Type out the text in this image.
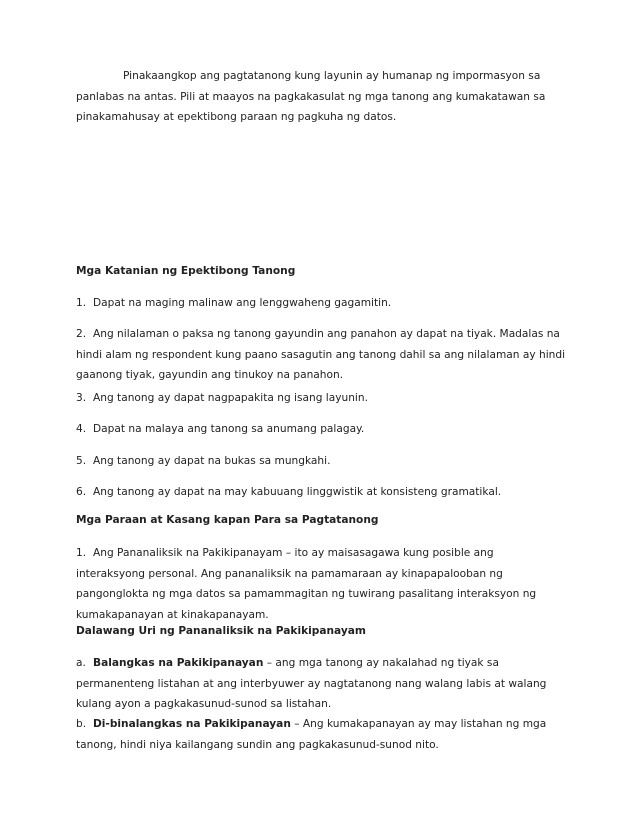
Pinakaangkop ang pagtatanong kung layunin ay humanap ng impormasyon sa
panlabas na antas. Pili at maayos na pagkakasulat ng mga tanong ang kumakatawan sa
pinakamahusay at epektibong paraan ng pagkuha ng datos.
Mga Katanian ng Epektibong Tanong
1. Dapat na maging malinaw ang lenggwaheng gagamitin.
2. Ang nilalaman o paksa ng tanong gayundin ang panahon ay dapat na tiyak. Madalas na
hindi alam ng respondent kung paano sasagutin ang tanong dahil sa ang nilalaman ay hindi
gaanong tiyak, gayundin ang tinukoy na panahon.
3. Ang tanong ay dapat nagpapakita ng isang layunin.
4. Dapat na malaya ang tanong sa anumang palagay.
5. Ang tanong ay dapat na bukas sa mungkahi.
6. Ang tanong ay dapat na may kabuuang linggwistik at konsisteng gramatikal.
Mga Paraan at Kasang kapan Para sa Pagtatanong
1. Ang Pananaliksik na Pakikipanayam – ito ay maisasagawa kung posible ang
interaksyong personal. Ang pananaliksik na pamamaraan ay kinapapalooban ng
pangonglokta ng mga datos sa pamammagitan ng tuwirang pasalitang interaksyon ng
kumakapanayan at kinakapanayam.
Dalawang Uri ng Pananaliksik na Pakikipanayam
a. Balangkas na Pakikipanayan – ang mga tanong ay nakalahad ng tiyak sa
permanenteng listahan at ang interbyuwer ay nagtatanong nang walang labis at walang
kulang ayon a pagkakasunud-sunod sa listahan.
b. Di-binalangkas na Pakikipanayan – Ang kumakapanayan ay may listahan ng mga
tanong, hindi niya kailangang sundin ang pagkakasunud-sunod nito.
